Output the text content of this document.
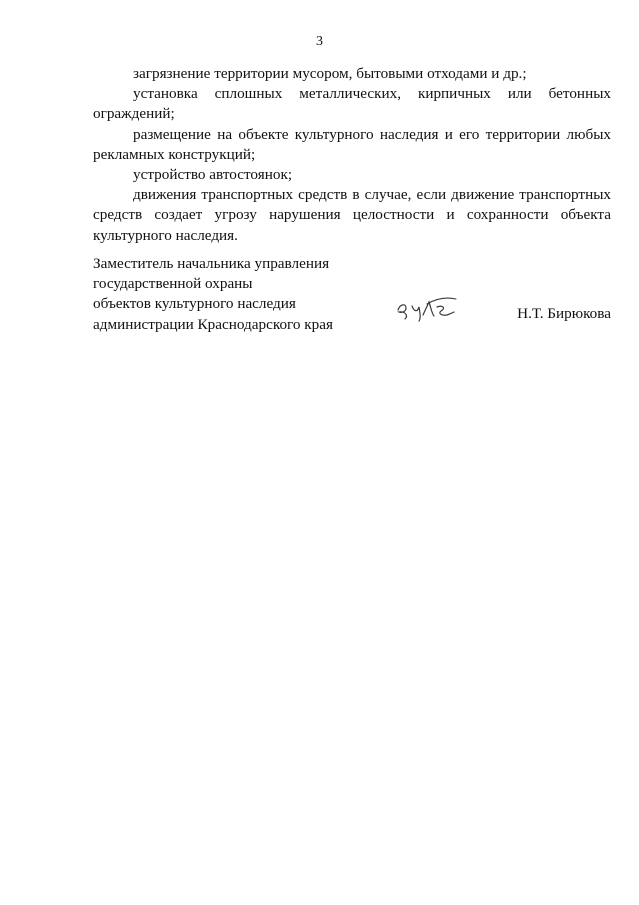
3

загрязнение территории мусором, бытовыми отходами и др.;

установка сплошных металлических, кирпичных или бетонных ограждений;

размещение на объекте культурного наследия и его территории любых рекламных конструкций;

устройство автостоянок;

движения транспортных средств в случае, если движение транспортных средств создает угрозу нарушения целостности и сохранности объекта культурного наследия.

Заместитель начальника управления
государственной охраны
объектов культурного наследия
администрации Краснодарского края
Н.Т. Бирюкова
